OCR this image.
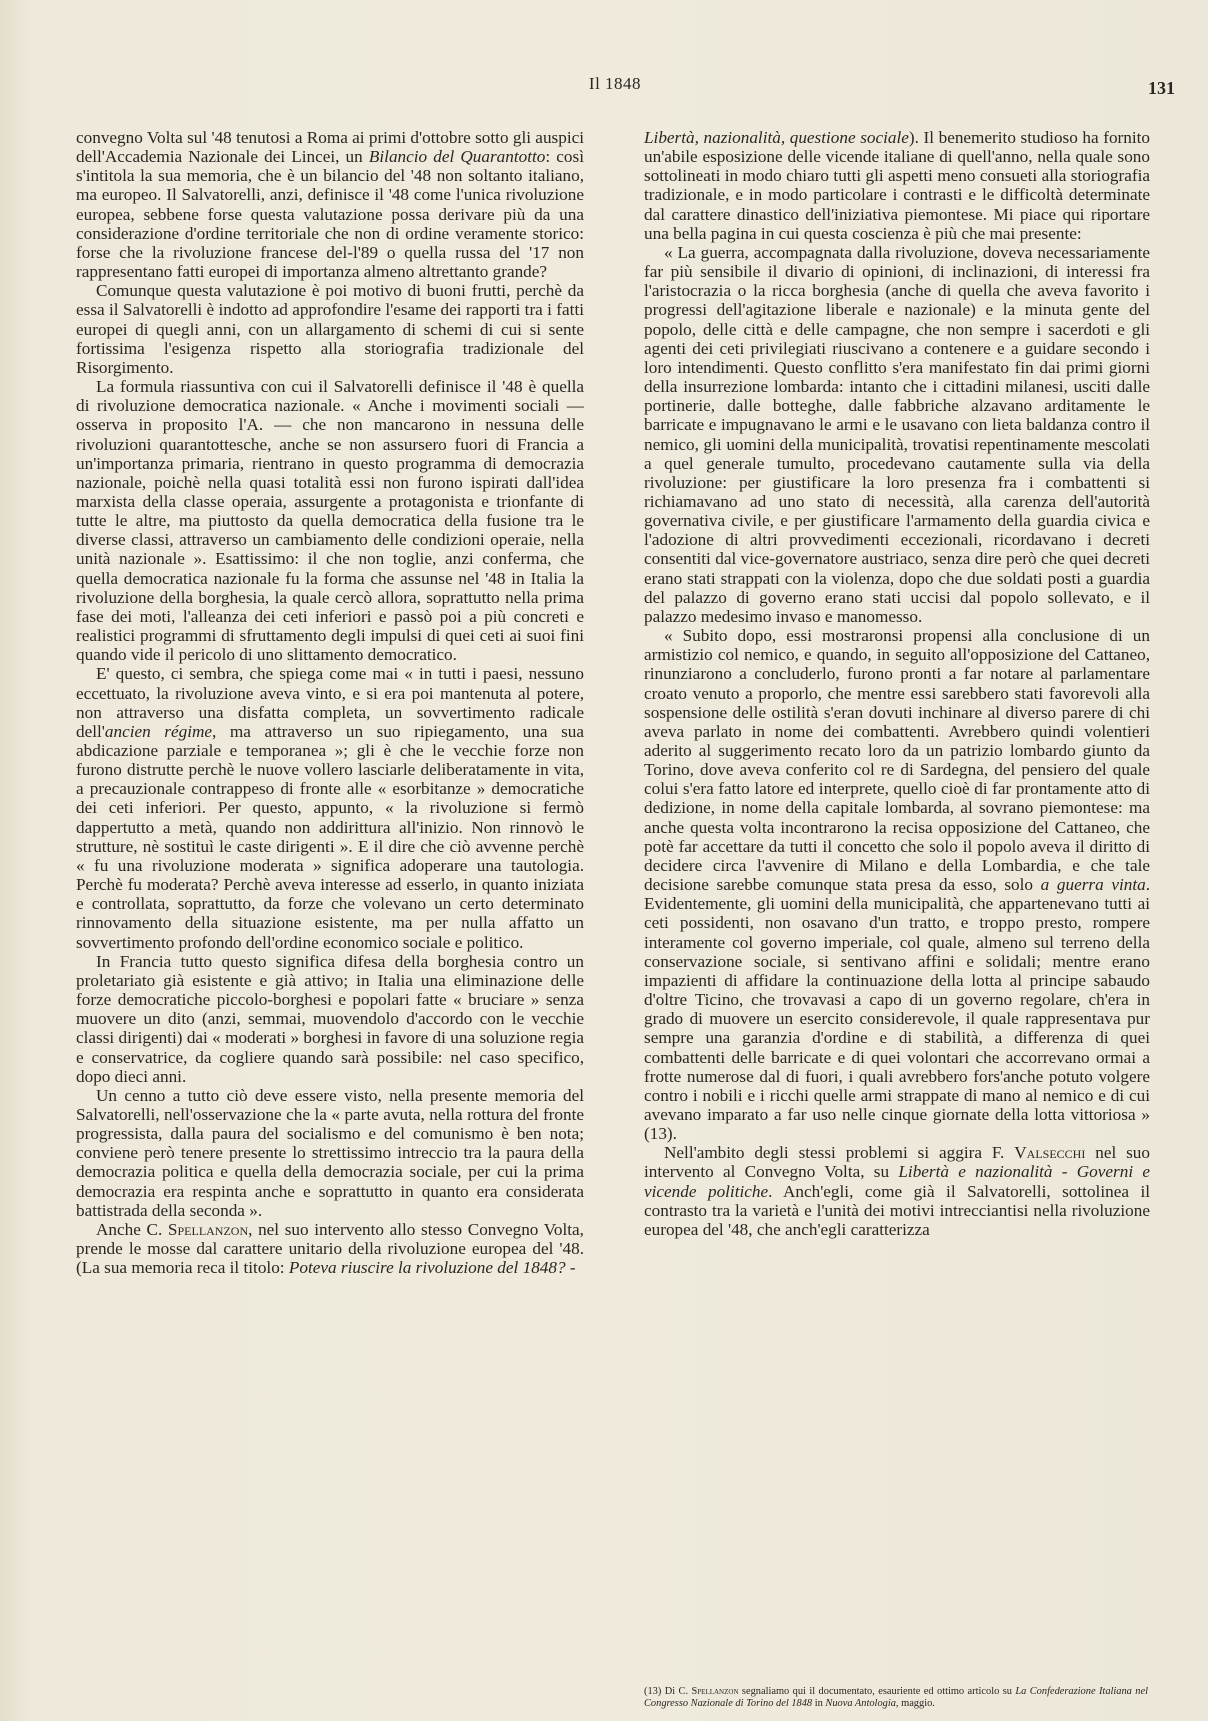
Il 1848	131

convegno Volta sul '48 tenutosi a Roma ai primi d'ottobre sotto gli auspici dell'Accademia Nazionale dei Lincei, un Bilancio del Quarantotto: così s'intitola la sua memoria, che è un bilancio del '48 non soltanto italiano, ma europeo. Il Salvatorelli, anzi, definisce il '48 come l'unica rivoluzione europea, sebbene forse questa valutazione possa derivare più da una considerazione d'ordine territoriale che non di ordine veramente storico: forse che la rivoluzione francese del-l'89 o quella russa del '17 non rappresentano fatti europei di importanza almeno altrettanto grande?

Comunque questa valutazione è poi motivo di buoni frutti, perchè da essa il Salvatorelli è indotto ad approfondire l'esame dei rapporti tra i fatti europei di quegli anni, con un allargamento di schemi di cui si sente fortissima l'esigenza rispetto alla storiografia tradizionale del Risorgimento.

La formula riassuntiva con cui il Salvatorelli definisce il '48 è quella di rivoluzione democratica nazionale. « Anche i movimenti sociali — osserva in proposito l'A. — che non mancarono in nessuna delle rivoluzioni quarantottesche, anche se non assursero fuori di Francia a un'importanza primaria, rientrano in questo programma di democrazia nazionale, poichè nella quasi totalità essi non furono ispirati dall'idea marxista della classe operaia, assurgente a protagonista e trionfante di tutte le altre, ma piuttosto da quella democratica della fusione tra le diverse classi, attraverso un cambiamento delle condizioni operaie, nella unità nazionale ». Esattissimo: il che non toglie, anzi conferma, che quella democratica nazionale fu la forma che assunse nel '48 in Italia la rivoluzione della borghesia, la quale cercò allora, soprattutto nella prima fase dei moti, l'alleanza dei ceti inferiori e passò poi a più concreti e realistici programmi di sfruttamento degli impulsi di quei ceti ai suoi fini quando vide il pericolo di uno slittamento democratico.

E' questo, ci sembra, che spiega come mai « in tutti i paesi, nessuno eccettuato, la rivoluzione aveva vinto, e si era poi mantenuta al potere, non attraverso una disfatta completa, un sovvertimento radicale dell'ancien régime, ma attraverso un suo ripiegamento, una sua abdicazione parziale e temporanea »; gli è che le vecchie forze non furono distrutte perchè le nuove vollero lasciarle deliberatamente in vita, a precauzionale contrappeso di fronte alle « esorbitanze » democratiche dei ceti inferiori. Per questo, appunto, « la rivoluzione si fermò dappertutto a metà, quando non addirittura all'inizio. Non rinnovò le strutture, nè sostituì le caste dirigenti ». E il dire che ciò avvenne perchè « fu una rivoluzione moderata » significa adoperare una tautologia. Perchè fu moderata? Perchè aveva interesse ad esserlo, in quanto iniziata e controllata, soprattutto, da forze che volevano un certo determinato rinnovamento della situazione esistente, ma per nulla affatto un sovvertimento profondo dell'ordine economico sociale e politico.

In Francia tutto questo significa difesa della borghesia contro un proletariato già esistente e già attivo; in Italia una eliminazione delle forze democratiche piccolo-borghesi e popolari fatte « bruciare » senza muovere un dito (anzi, semmai, muovendolo d'accordo con le vecchie classi dirigenti) dai « moderati » borghesi in favore di una soluzione regia e conservatrice, da cogliere quando sarà possibile: nel caso specifico, dopo dieci anni.

Un cenno a tutto ciò deve essere visto, nella presente memoria del Salvatorelli, nell'osservazione che la « parte avuta, nella rottura del fronte progressista, dalla paura del socialismo e del comunismo è ben nota; conviene però tenere presente lo strettissimo intreccio tra la paura della democrazia politica e quella della democrazia sociale, per cui la prima democrazia era respinta anche e soprattutto in quanto era considerata battistrada della seconda ».

Anche C. Spellanzon, nel suo intervento allo stesso Convegno Volta, prende le mosse dal carattere unitario della rivoluzione europea del '48. (La sua memoria reca il titolo: Poteva riuscire la rivoluzione del 1848? -

Libertà, nazionalità, questione sociale). Il benemerito studioso ha fornito un'abile esposizione delle vicende italiane di quell'anno, nella quale sono sottolineati in modo chiaro tutti gli aspetti meno consueti alla storiografia tradizionale, e in modo particolare i contrasti e le difficoltà determinate dal carattere dinastico dell'iniziativa piemontese. Mi piace qui riportare una bella pagina in cui questa coscienza è più che mai presente:

« La guerra, accompagnata dalla rivoluzione, doveva necessariamente far più sensibile il divario di opinioni, di inclinazioni, di interessi fra l'aristocrazia o la ricca borghesia (anche di quella che aveva favorito i progressi dell'agitazione liberale e nazionale) e la minuta gente del popolo, delle città e delle campagne, che non sempre i sacerdoti e gli agenti dei ceti privilegiati riuscivano a contenere e a guidare secondo i loro intendimenti. Questo conflitto s'era manifestato fin dai primi giorni della insurrezione lombarda: intanto che i cittadini milanesi, usciti dalle portinerie, dalle botteghe, dalle fabbriche alzavano arditamente le barricate e impugnavano le armi e le usavano con lieta baldanza contro il nemico, gli uomini della municipalità, trovatisi repentinamente mescolati a quel generale tumulto, procedevano cautamente sulla via della rivoluzione: per giustificare la loro presenza fra i combattenti si richiamavano ad uno stato di necessità, alla carenza dell'autorità governativa civile, e per giustificare l'armamento della guardia civica e l'adozione di altri provvedimenti eccezionali, ricordavano i decreti consentiti dal vice-governatore austriaco, senza dire però che quei decreti erano stati strappati con la violenza, dopo che due soldati posti a guardia del palazzo di governo erano stati uccisi dal popolo sollevato, e il palazzo medesimo invaso e manomesso.

« Subito dopo, essi mostraronsi propensi alla conclusione di un armistizio col nemico, e quando, in seguito all'opposizione del Cattaneo, rinunziarono a concluderlo, furono pronti a far notare al parlamentare croato venuto a proporlo, che mentre essi sarebbero stati favorevoli alla sospensione delle ostilità s'eran dovuti inchinare al diverso parere di chi aveva parlato in nome dei combattenti. Avrebbero quindi volentieri aderito al suggerimento recato loro da un patrizio lombardo giunto da Torino, dove aveva conferito col re di Sardegna, del pensiero del quale colui s'era fatto latore ed interprete, quello cioè di far prontamente atto di dedizione, in nome della capitale lombarda, al sovrano piemontese: ma anche questa volta incontrarono la recisa opposizione del Cattaneo, che potè far accettare da tutti il concetto che solo il popolo aveva il diritto di decidere circa l'avvenire di Milano e della Lombardia, e che tale decisione sarebbe comunque stata presa da esso, solo a guerra vinta. Evidentemente, gli uomini della municipalità, che appartenevano tutti ai ceti possidenti, non osavano d'un tratto, e troppo presto, rompere interamente col governo imperiale, col quale, almeno sul terreno della conservazione sociale, si sentivano affini e solidali; mentre erano impazienti di affidare la continuazione della lotta al principe sabaudo d'oltre Ticino, che trovavasi a capo di un governo regolare, ch'era in grado di muovere un esercito considerevole, il quale rappresentava pur sempre una garanzia d'ordine e di stabilità, a differenza di quei combattenti delle barricate e di quei volontari che accorrevano ormai a frotte numerose dal di fuori, i quali avrebbero fors'anche potuto volgere contro i nobili e i ricchi quelle armi strappate di mano al nemico e di cui avevano imparato a far uso nelle cinque giornate della lotta vittoriosa » (13).

Nell'ambito degli stessi problemi si aggira F. Valsecchi nel suo intervento al Convegno Volta, su Libertà e nazionalità - Governi e vicende politiche. Anch'egli, come già il Salvatorelli, sottolinea il contrasto tra la varietà e l'unità dei motivi intrecciantisi nella rivoluzione europea del '48, che anch'egli caratterizza

(13) Di C. Spellanzon segnaliamo qui il documentato, esauriente ed ottimo articolo su La Confederazione Italiana nel Congresso Nazionale di Torino del 1848 in Nuova Antologia, maggio.
